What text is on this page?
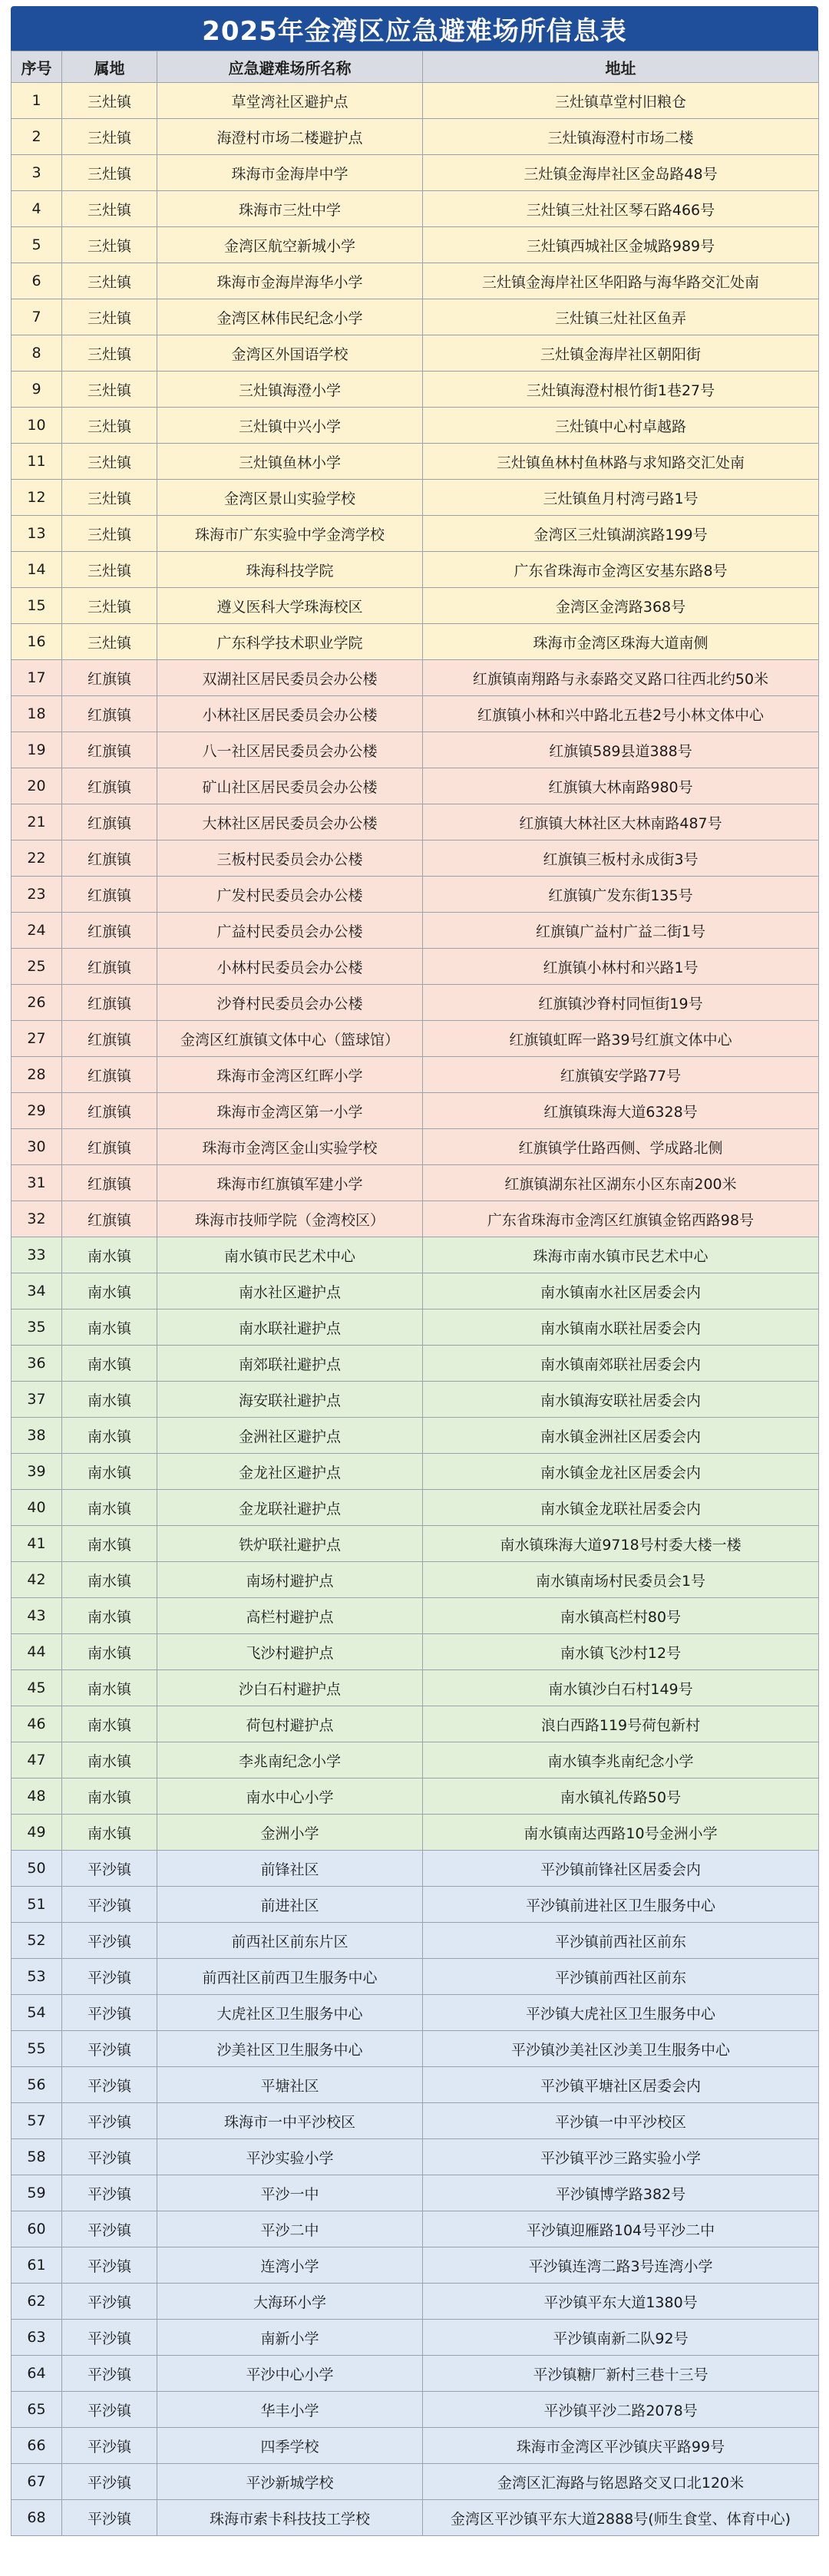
2025年金湾区应急避难场所信息表
序号	属地	应急避难场所名称	地址
1	三灶镇	草堂湾社区避护点	三灶镇草堂村旧粮仓
2	三灶镇	海澄村市场二楼避护点	三灶镇海澄村市场二楼
3	三灶镇	珠海市金海岸中学	三灶镇金海岸社区金岛路48号
4	三灶镇	珠海市三灶中学	三灶镇三灶社区琴石路466号
5	三灶镇	金湾区航空新城小学	三灶镇西城社区金城路989号
6	三灶镇	珠海市金海岸海华小学	三灶镇金海岸社区华阳路与海华路交汇处南
7	三灶镇	金湾区林伟民纪念小学	三灶镇三灶社区鱼弄
8	三灶镇	金湾区外国语学校	三灶镇金海岸社区朝阳街
9	三灶镇	三灶镇海澄小学	三灶镇海澄村根竹街1巷27号
10	三灶镇	三灶镇中兴小学	三灶镇中心村卓越路
11	三灶镇	三灶镇鱼林小学	三灶镇鱼林村鱼林路与求知路交汇处南
12	三灶镇	金湾区景山实验学校	三灶镇鱼月村湾弓路1号
13	三灶镇	珠海市广东实验中学金湾学校	金湾区三灶镇湖滨路199号
14	三灶镇	珠海科技学院	广东省珠海市金湾区安基东路8号
15	三灶镇	遵义医科大学珠海校区	金湾区金湾路368号
16	三灶镇	广东科学技术职业学院	珠海市金湾区珠海大道南侧
17	红旗镇	双湖社区居民委员会办公楼	红旗镇南翔路与永泰路交叉路口往西北约50米
18	红旗镇	小林社区居民委员会办公楼	红旗镇小林和兴中路北五巷2号小林文体中心
19	红旗镇	八一社区居民委员会办公楼	红旗镇589县道388号
20	红旗镇	矿山社区居民委员会办公楼	红旗镇大林南路980号
21	红旗镇	大林社区居民委员会办公楼	红旗镇大林社区大林南路487号
22	红旗镇	三板村民委员会办公楼	红旗镇三板村永成街3号
23	红旗镇	广发村民委员会办公楼	红旗镇广发东街135号
24	红旗镇	广益村民委员会办公楼	红旗镇广益村广益二街1号
25	红旗镇	小林村民委员会办公楼	红旗镇小林村和兴路1号
26	红旗镇	沙脊村民委员会办公楼	红旗镇沙脊村同恒街19号
27	红旗镇	金湾区红旗镇文体中心（篮球馆）	红旗镇虹晖一路39号红旗文体中心
28	红旗镇	珠海市金湾区红晖小学	红旗镇安学路77号
29	红旗镇	珠海市金湾区第一小学	红旗镇珠海大道6328号
30	红旗镇	珠海市金湾区金山实验学校	红旗镇学仕路西侧、学成路北侧
31	红旗镇	珠海市红旗镇军建小学	红旗镇湖东社区湖东小区东南200米
32	红旗镇	珠海市技师学院（金湾校区）	广东省珠海市金湾区红旗镇金铭西路98号
33	南水镇	南水镇市民艺术中心	珠海市南水镇市民艺术中心
34	南水镇	南水社区避护点	南水镇南水社区居委会内
35	南水镇	南水联社避护点	南水镇南水联社居委会内
36	南水镇	南郊联社避护点	南水镇南郊联社居委会内
37	南水镇	海安联社避护点	南水镇海安联社居委会内
38	南水镇	金洲社区避护点	南水镇金洲社区居委会内
39	南水镇	金龙社区避护点	南水镇金龙社区居委会内
40	南水镇	金龙联社避护点	南水镇金龙联社居委会内
41	南水镇	铁炉联社避护点	南水镇珠海大道9718号村委大楼一楼
42	南水镇	南场村避护点	南水镇南场村民委员会1号
43	南水镇	高栏村避护点	南水镇高栏村80号
44	南水镇	飞沙村避护点	南水镇飞沙村12号
45	南水镇	沙白石村避护点	南水镇沙白石村149号
46	南水镇	荷包村避护点	浪白西路119号荷包新村
47	南水镇	李兆南纪念小学	南水镇李兆南纪念小学
48	南水镇	南水中心小学	南水镇礼传路50号
49	南水镇	金洲小学	南水镇南达西路10号金洲小学
50	平沙镇	前锋社区	平沙镇前锋社区居委会内
51	平沙镇	前进社区	平沙镇前进社区卫生服务中心
52	平沙镇	前西社区前东片区	平沙镇前西社区前东
53	平沙镇	前西社区前西卫生服务中心	平沙镇前西社区前东
54	平沙镇	大虎社区卫生服务中心	平沙镇大虎社区卫生服务中心
55	平沙镇	沙美社区卫生服务中心	平沙镇沙美社区沙美卫生服务中心
56	平沙镇	平塘社区	平沙镇平塘社区居委会内
57	平沙镇	珠海市一中平沙校区	平沙镇一中平沙校区
58	平沙镇	平沙实验小学	平沙镇平沙三路实验小学
59	平沙镇	平沙一中	平沙镇博学路382号
60	平沙镇	平沙二中	平沙镇迎雁路104号平沙二中
61	平沙镇	连湾小学	平沙镇连湾二路3号连湾小学
62	平沙镇	大海环小学	平沙镇平东大道1380号
63	平沙镇	南新小学	平沙镇南新二队92号
64	平沙镇	平沙中心小学	平沙镇糖厂新村三巷十三号
65	平沙镇	华丰小学	平沙镇平沙二路2078号
66	平沙镇	四季学校	珠海市金湾区平沙镇庆平路99号
67	平沙镇	平沙新城学校	金湾区汇海路与铭恩路交叉口北120米
68	平沙镇	珠海市索卡科技技工学校	金湾区平沙镇平东大道2888号(师生食堂、体育中心)
